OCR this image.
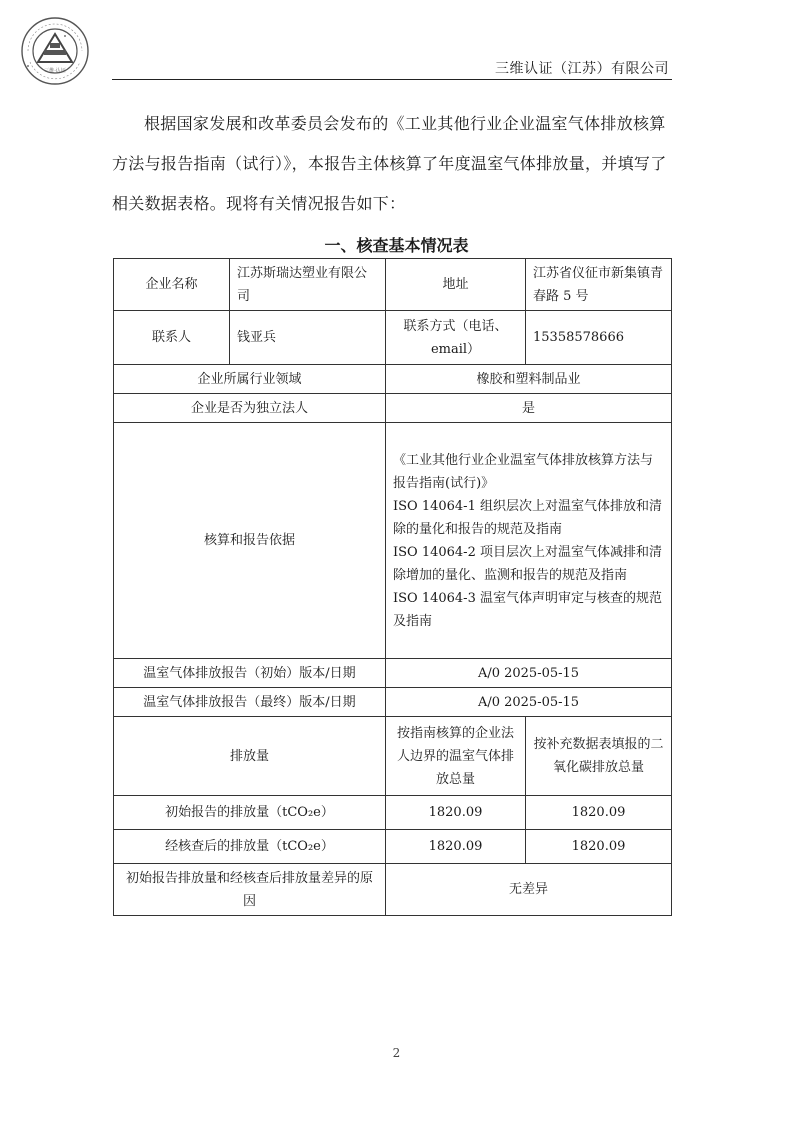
三维·认证	三维认证（江苏）有限公司
根据国家发展和改革委员会发布的《工业其他行业企业温室气体排放核算方法与报告指南（试行）》，本报告主体核算了年度温室气体排放量，并填写了相关数据表格。现将有关情况报告如下：
一、核查基本情况表
企业名称	江苏斯瑞达塑业有限公司	地址	江苏省仪征市新集镇青春路 5 号
联系人	钱亚兵	联系方式（电话、email）	15358578666
企业所属行业领域		橡胶和塑料制品业	
企业是否为独立法人		是	
核算和报告依据		《工业其他行业企业温室气体排放核算方法与报告指南(试行)》
ISO 14064-1 组织层次上对温室气体排放和清除的量化和报告的规范及指南
ISO 14064-2 项目层次上对温室气体减排和清除增加的量化、监测和报告的规范及指南
ISO 14064-3 温室气体声明审定与核查的规范及指南	

温室气体排放报告（初始）版本/日期		A/0 2025-05-15	
温室气体排放报告（最终）版本/日期		A/0 2025-05-15	
排放量		按指南核算的企业法人边界的温室气体排放总量	按补充数据表填报的二氧化碳排放总量
初始报告的排放量（tCO₂e）		1820.09	1820.09
经核查后的排放量（tCO₂e）		1820.09	1820.09
初始报告排放量和经核查后排放量差异的原因		无差异	
2
